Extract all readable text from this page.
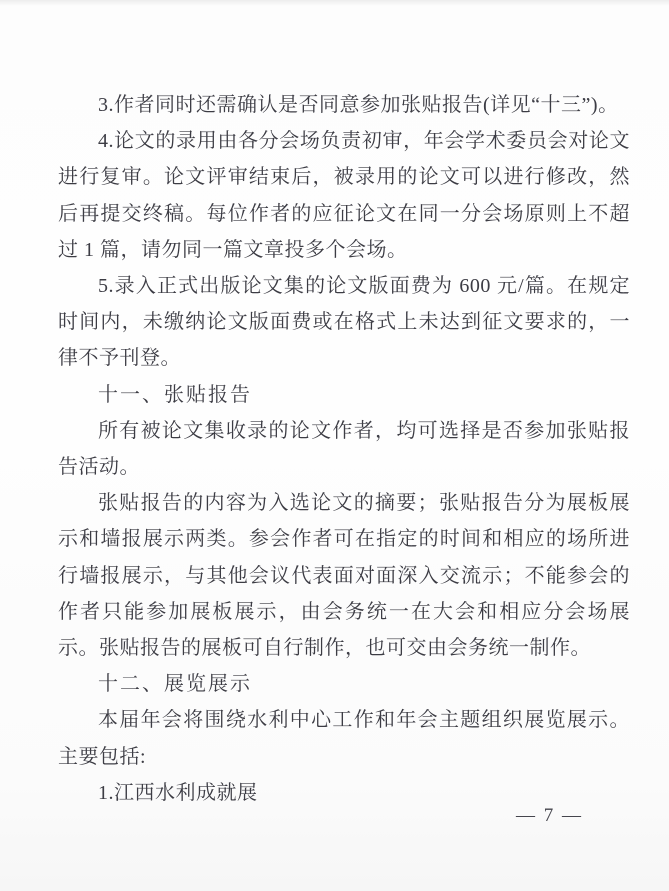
3.作者同时还需确认是否同意参加张贴报告(详见“十三”)。

4.论文的录用由各分会场负责初审，年会学术委员会对论文进行复审。论文评审结束后，被录用的论文可以进行修改，然后再提交终稿。每位作者的应征论文在同一分会场原则上不超过 1 篇，请勿同一篇文章投多个会场。

5.录入正式出版论文集的论文版面费为 600 元/篇。在规定时间内，未缴纳论文版面费或在格式上未达到征文要求的，一律不予刊登。

十一、张贴报告

所有被论文集收录的论文作者，均可选择是否参加张贴报告活动。

张贴报告的内容为入选论文的摘要；张贴报告分为展板展示和墙报展示两类。参会作者可在指定的时间和相应的场所进行墙报展示，与其他会议代表面对面深入交流示；不能参会的作者只能参加展板展示，由会务统一在大会和相应分会场展示。张贴报告的展板可自行制作，也可交由会务统一制作。

十二、展览展示

本届年会将围绕水利中心工作和年会主题组织展览展示。主要包括:

1.江西水利成就展

— 7 —
